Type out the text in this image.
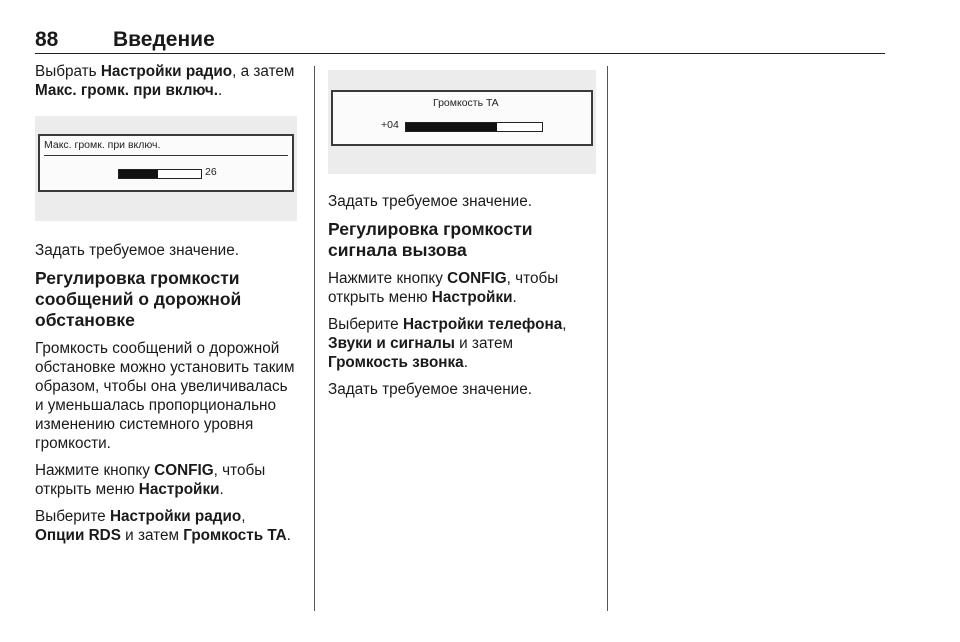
88	Введение

Выбрать Настройки радио, а затем Макс. громк. при включ..

Макс. громк. при включ.
26

Задать требуемое значение.

Регулировка громкости сообщений о дорожной обстановке

Громкость сообщений о дорожной обстановке можно установить таким образом, чтобы она увеличивалась и уменьшалась пропорционально изменению системного уровня громкости.

Нажмите кнопку CONFIG, чтобы открыть меню Настройки.

Выберите Настройки радио,
Опции RDS и затем Громкость TA.

Громкость TA
+04

Задать требуемое значение.

Регулировка громкости сигнала вызова

Нажмите кнопку CONFIG, чтобы открыть меню Настройки.

Выберите Настройки телефона,
Звуки и сигналы и затем Громкость звонка.

Задать требуемое значение.
